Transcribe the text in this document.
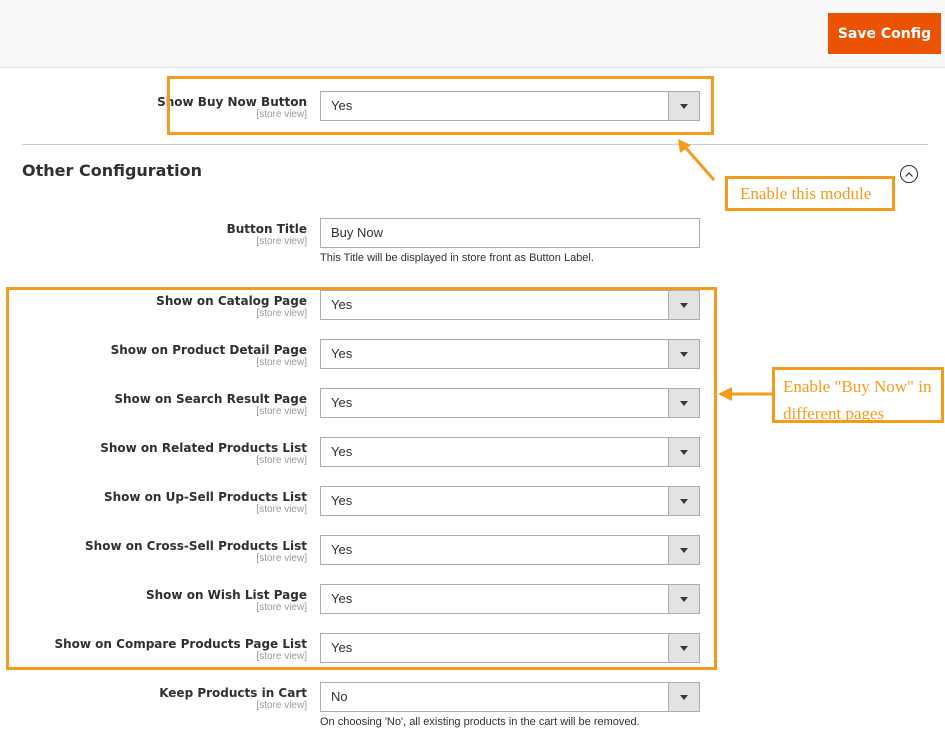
Save Config
Show Buy Now Button
[store view]
Yes
Other Configuration
Button Title
[store view]
Buy Now
This Title will be displayed in store front as Button Label.
Show on Catalog Page
[store view]
Yes
Show on Product Detail Page
[store view]
Yes
Show on Search Result Page
[store view]
Yes
Show on Related Products List
[store view]
Yes
Show on Up-Sell Products List
[store view]
Yes
Show on Cross-Sell Products List
[store view]
Yes
Show on Wish List Page
[store view]
Yes
Show on Compare Products Page List
[store view]
Yes
Keep Products in Cart
[store view]
No
On choosing 'No', all existing products in the cart will be removed.
Enable this module
Enable "Buy Now" in
different pages
